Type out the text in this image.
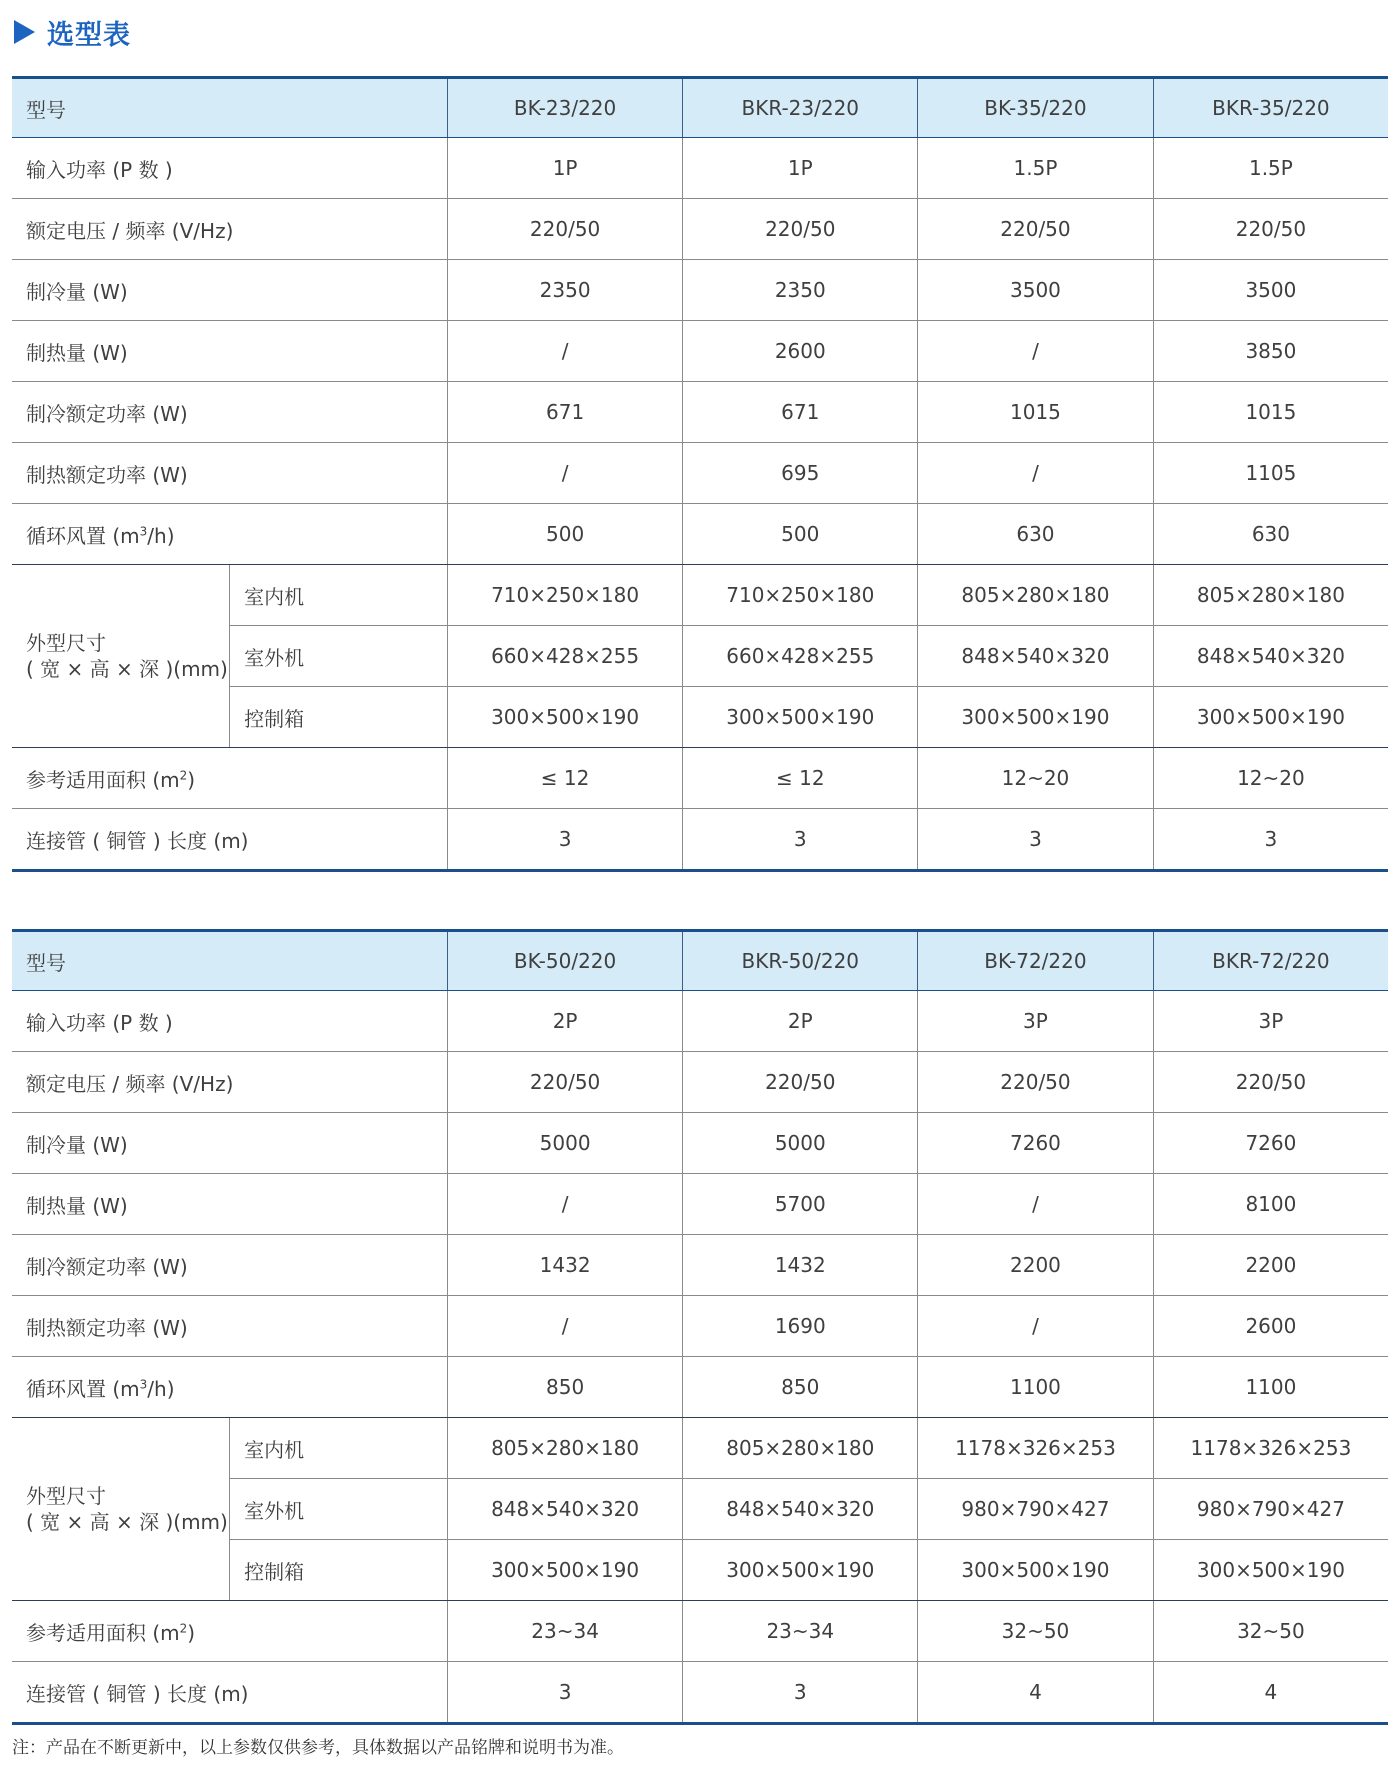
选型表
型号		BK-23/220	BKR-23/220	BK-35/220	BKR-35/220
输入功率 (P 数 )		1P	1P	1.5P	1.5P
额定电压 / 频率 (V/Hz)		220/50	220/50	220/50	220/50
制冷量 (W)		2350	2350	3500	3500
制热量 (W)		/	2600	/	3850
制冷额定功率 (W)		671	671	1015	1015
制热额定功率 (W)		/	695	/	1105
循环风置 $(m^3/h)$		500	500	630	630

外型尺寸
( 宽 × 高 × 深 )(mm)	室内机	710×250×180	710×250×180	805×280×180	805×280×180
	室外机	660×428×255	660×428×255	848×540×320	848×540×320
	控制箱	300×500×190	300×500×190	300×500×190	300×500×190
参考适用面积 $(m^2)$		≤ 12	≤ 12	12~20	12~20
连接管 ( 铜管 ) 长度 (m)		3	3	3	3
型号		BK-50/220	BKR-50/220	BK-72/220	BKR-72/220
输入功率 (P 数 )		2P	2P	3P	3P
额定电压 / 频率 (V/Hz)		220/50	220/50	220/50	220/50
制冷量 (W)		5000	5000	7260	7260
制热量 (W)		/	5700	/	8100
制冷额定功率 (W)		1432	1432	2200	2200
制热额定功率 (W)		/	1690	/	2600
循环风置 $(m^3/h)$		850	850	1100	1100

外型尺寸
( 宽 × 高 × 深 )(mm)	室内机	805×280×180	805×280×180	1178×326×253	1178×326×253
	室外机	848×540×320	848×540×320	980×790×427	980×790×427
	控制箱	300×500×190	300×500×190	300×500×190	300×500×190
参考适用面积 $(m^2)$		23~34	23~34	32~50	32~50
连接管 ( 铜管 ) 长度 (m)		3	3	4	4
注：产品在不断更新中，以上参数仅供参考，具体数据以产品铭牌和说明书为准。
